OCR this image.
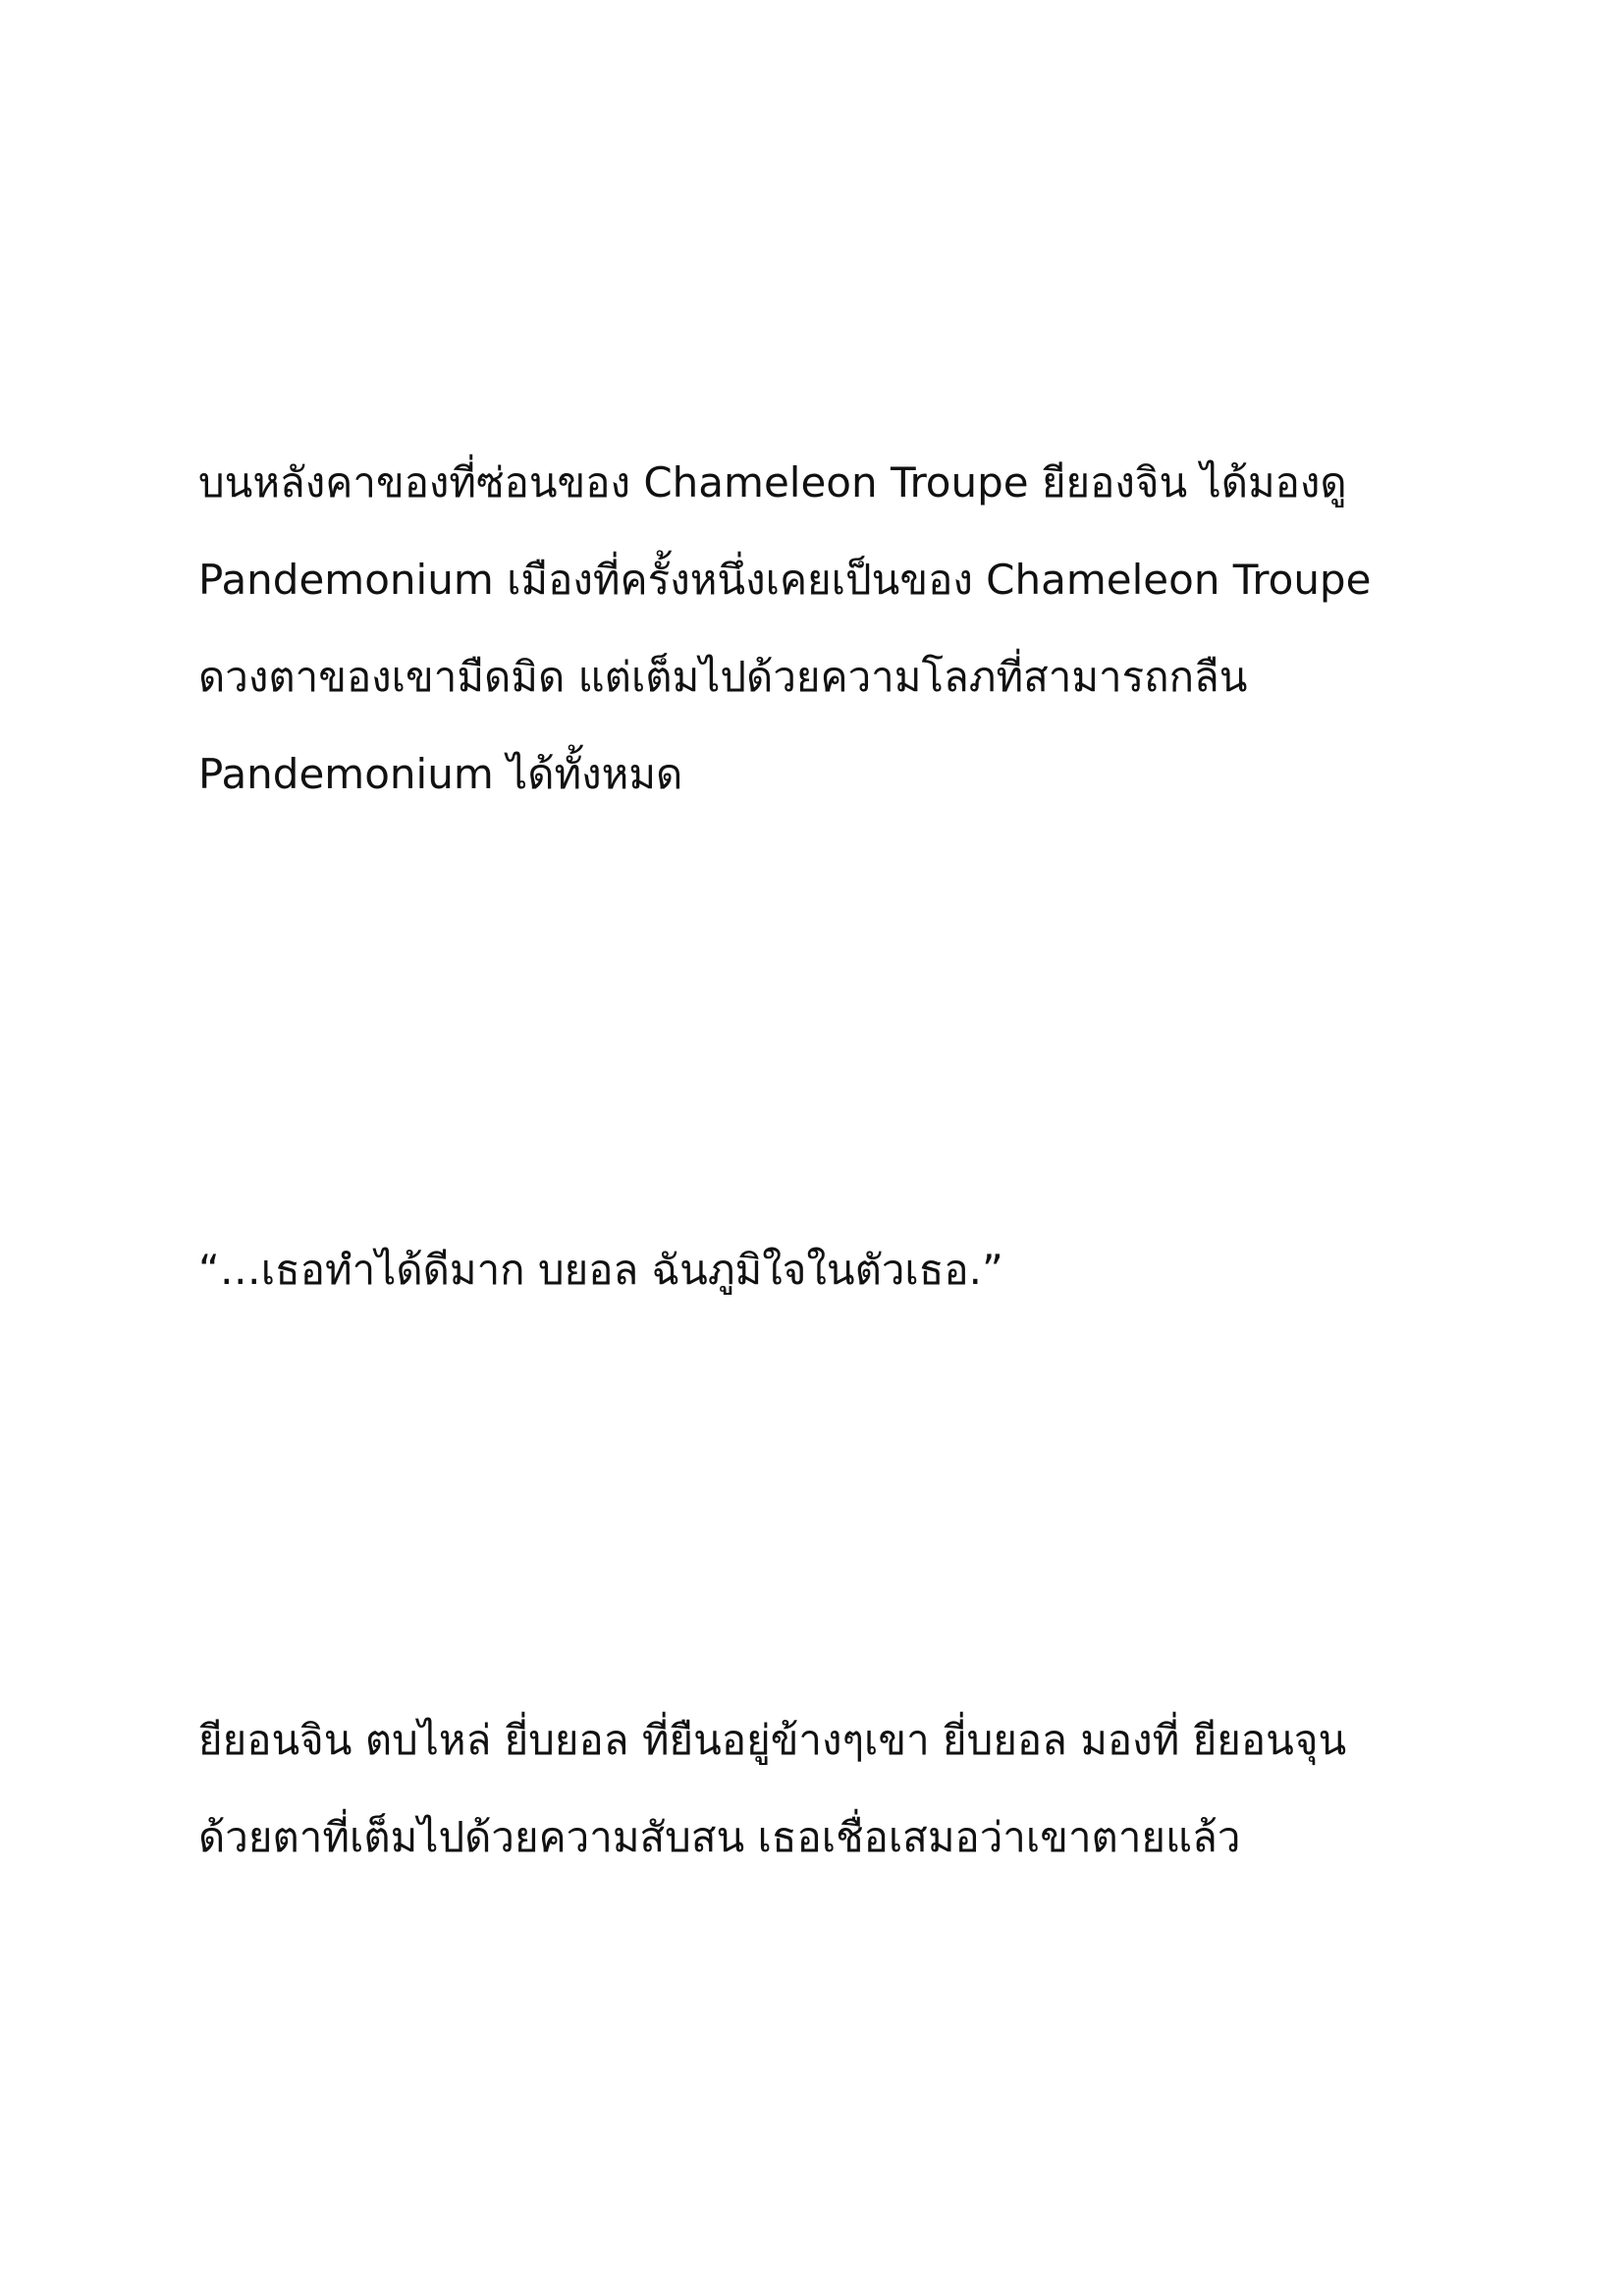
บนหลังคาของที่ซ่อนของ Chameleon Troupe ยียองจิน ได้มองดู
Pandemonium เมืองที่ครั้งหนึ่งเคยเป็นของ Chameleon Troupe
ดวงตาของเขามืดมิด แต่เต็มไปด้วยความโลภที่สามารถกลืน
Pandemonium ได้ทั้งหมด

“…เธอทำได้ดีมาก บยอล ฉันภูมิใจในตัวเธอ.”

ยียอนจิน ตบไหล่ ยี่บยอล ที่ยืนอยู่ข้างๆเขา ยี่บยอล มองที่ ยียอนจุน
ด้วยตาที่เต็มไปด้วยความสับสน เธอเชื่อเสมอว่าเขาตายแล้ว
